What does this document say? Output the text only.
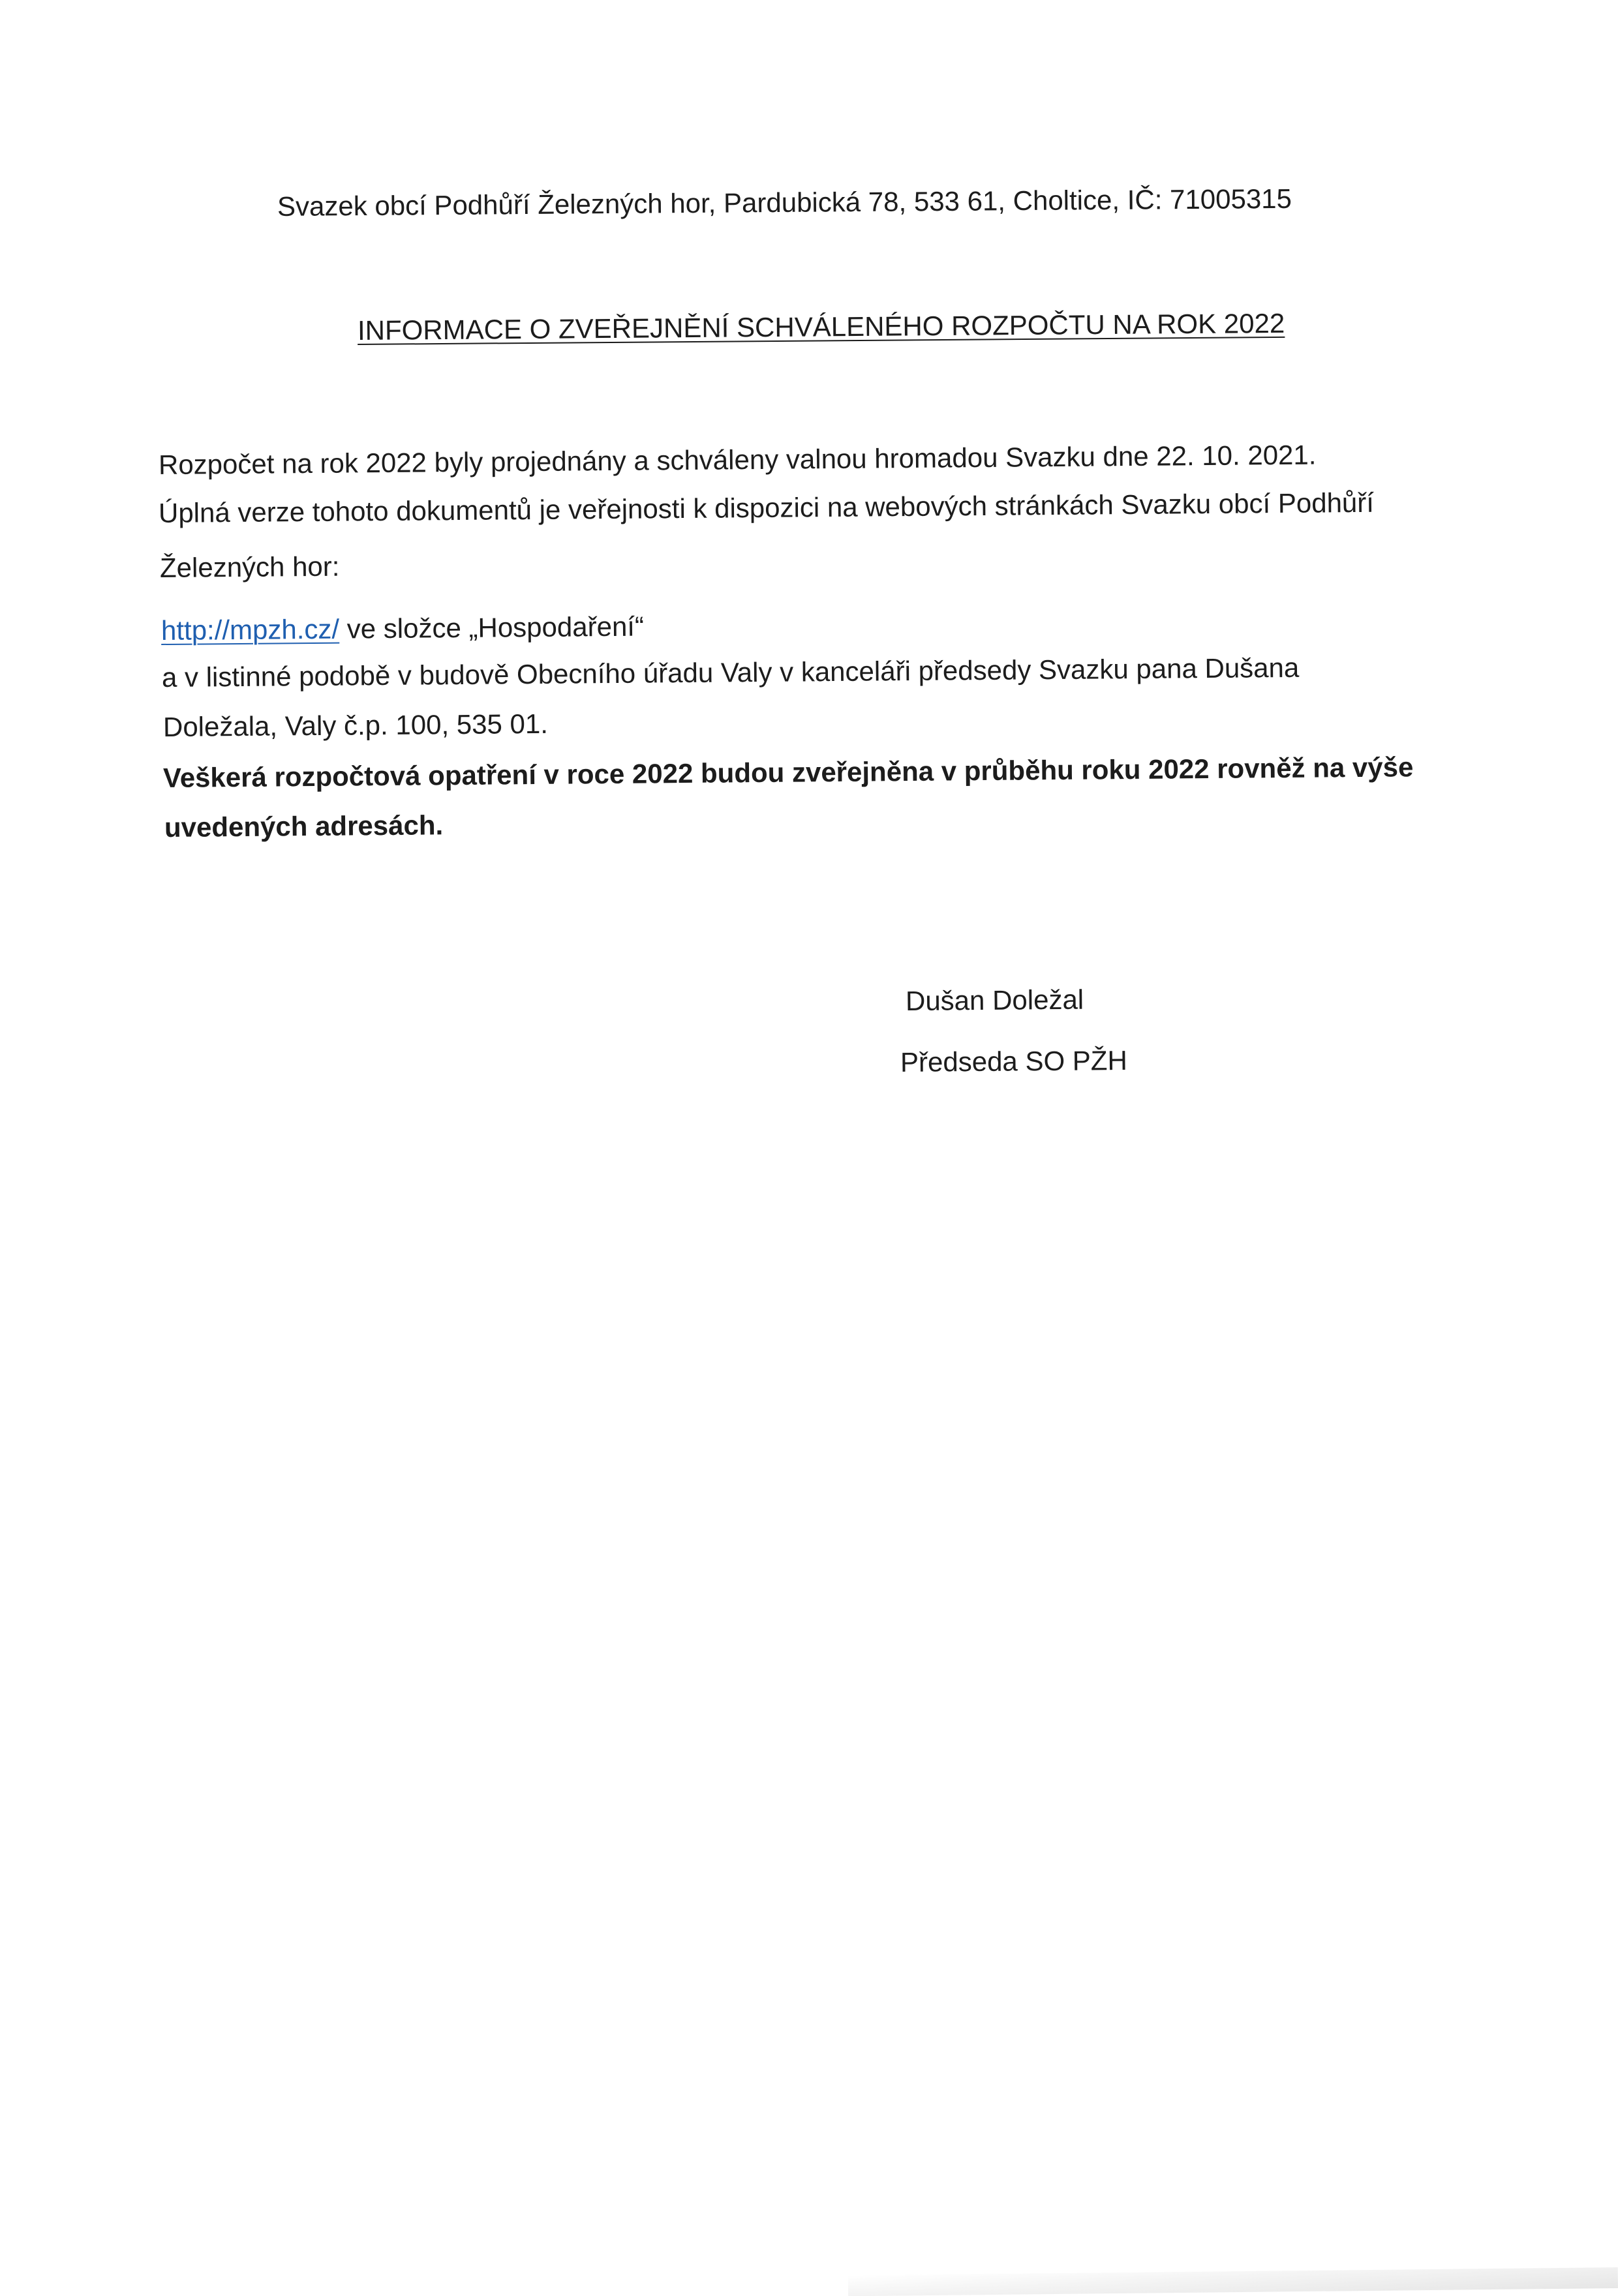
Svazek obcí Podhůří Železných hor, Pardubická 78, 533 61, Choltice, IČ: 71005315
INFORMACE O ZVEŘEJNĚNÍ SCHVÁLENÉHO ROZPOČTU NA ROK 2022
Rozpočet na rok 2022 byly projednány a schváleny valnou hromadou Svazku dne 22. 10. 2021.
Úplná verze tohoto dokumentů je veřejnosti k dispozici na webových stránkách Svazku obcí Podhůří
Železných hor:
http://mpzh.cz/ ve složce „Hospodaření“
a v listinné podobě v budově Obecního úřadu Valy v kanceláři předsedy Svazku pana Dušana
Doležala, Valy č.p. 100, 535 01.
Veškerá rozpočtová opatření v roce 2022 budou zveřejněna v průběhu roku 2022 rovněž na výše
uvedených adresách.
Dušan Doležal
Předseda SO PŽH
